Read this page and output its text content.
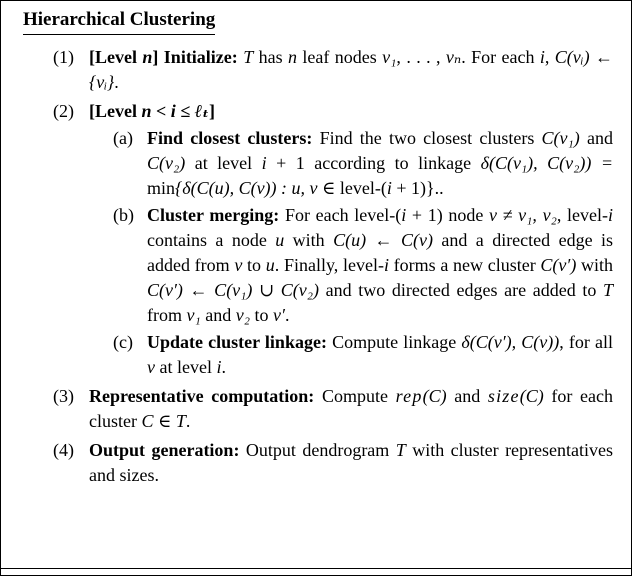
Hierarchical Clustering
(1) [Level n] Initialize: T has n leaf nodes v₁, . . . , vₙ. For each i, C(vᵢ) ← {vᵢ}.
(2) [Level n < i ≤ ℓₜ]
(a) Find closest clusters: Find the two closest clusters C(v₁) and C(v₂) at level i + 1 according to linkage δ(C(v₁), C(v₂)) = min{δ(C(u), C(v)) : u, v ∈ level-(i + 1)}..
(b) Cluster merging: For each level-(i + 1) node v ≠ v₁, v₂, level-i contains a node u with C(u) ← C(v) and a directed edge is added from v to u. Finally, level-i forms a new cluster C(v′) with C(v′) ← C(v₁) ∪ C(v₂) and two directed edges are added to T from v₁ and v₂ to v′.
(c) Update cluster linkage: Compute linkage δ(C(v′), C(v)), for all v at level i.
(3) Representative computation: Compute rep(C) and size(C) for each cluster C ∈ T.
(4) Output generation: Output dendrogram T with cluster representatives and sizes.
